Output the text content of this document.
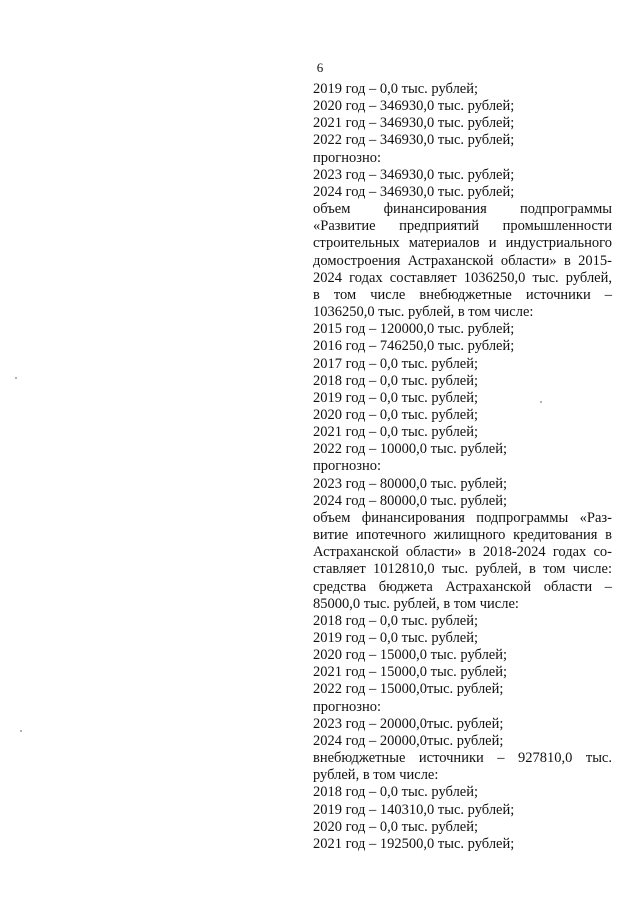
6
2019 год – 0,0 тыс. рублей;
2020 год – 346930,0 тыс. рублей;
2021 год – 346930,0 тыс. рублей;
2022 год – 346930,0 тыс. рублей;
прогнозно:
2023 год – 346930,0 тыс. рублей;
2024 год – 346930,0 тыс. рублей;
объем финансирования подпрограммы
«Развитие предприятий промышленности
строительных материалов и индустриального
домостроения Астраханской области» в 2015-
2024 годах составляет 1036250,0 тыс. рублей,
в том числе внебюджетные источники –
1036250,0 тыс. рублей, в том числе:
2015 год – 120000,0 тыс. рублей;
2016 год – 746250,0 тыс. рублей;
2017 год – 0,0 тыс. рублей;
2018 год – 0,0 тыс. рублей;
2019 год – 0,0 тыс. рублей;
2020 год – 0,0 тыс. рублей;
2021 год – 0,0 тыс. рублей;
2022 год – 10000,0 тыс. рублей;
прогнозно:
2023 год – 80000,0 тыс. рублей;
2024 год – 80000,0 тыс. рублей;
объем финансирования подпрограммы «Раз-
витие ипотечного жилищного кредитования в
Астраханской области» в 2018-2024 годах со-
ставляет 1012810,0 тыс. рублей, в том числе:
средства бюджета Астраханской области –
85000,0 тыс. рублей, в том числе:
2018 год – 0,0 тыс. рублей;
2019 год – 0,0 тыс. рублей;
2020 год – 15000,0 тыс. рублей;
2021 год – 15000,0 тыс. рублей;
2022 год – 15000,0тыс. рублей;
прогнозно:
2023 год – 20000,0тыс. рублей;
2024 год – 20000,0тыс. рублей;
внебюджетные источники – 927810,0 тыс.
рублей, в том числе:
2018 год – 0,0 тыс. рублей;
2019 год – 140310,0 тыс. рублей;
2020 год – 0,0 тыс. рублей;
2021 год – 192500,0 тыс. рублей;
